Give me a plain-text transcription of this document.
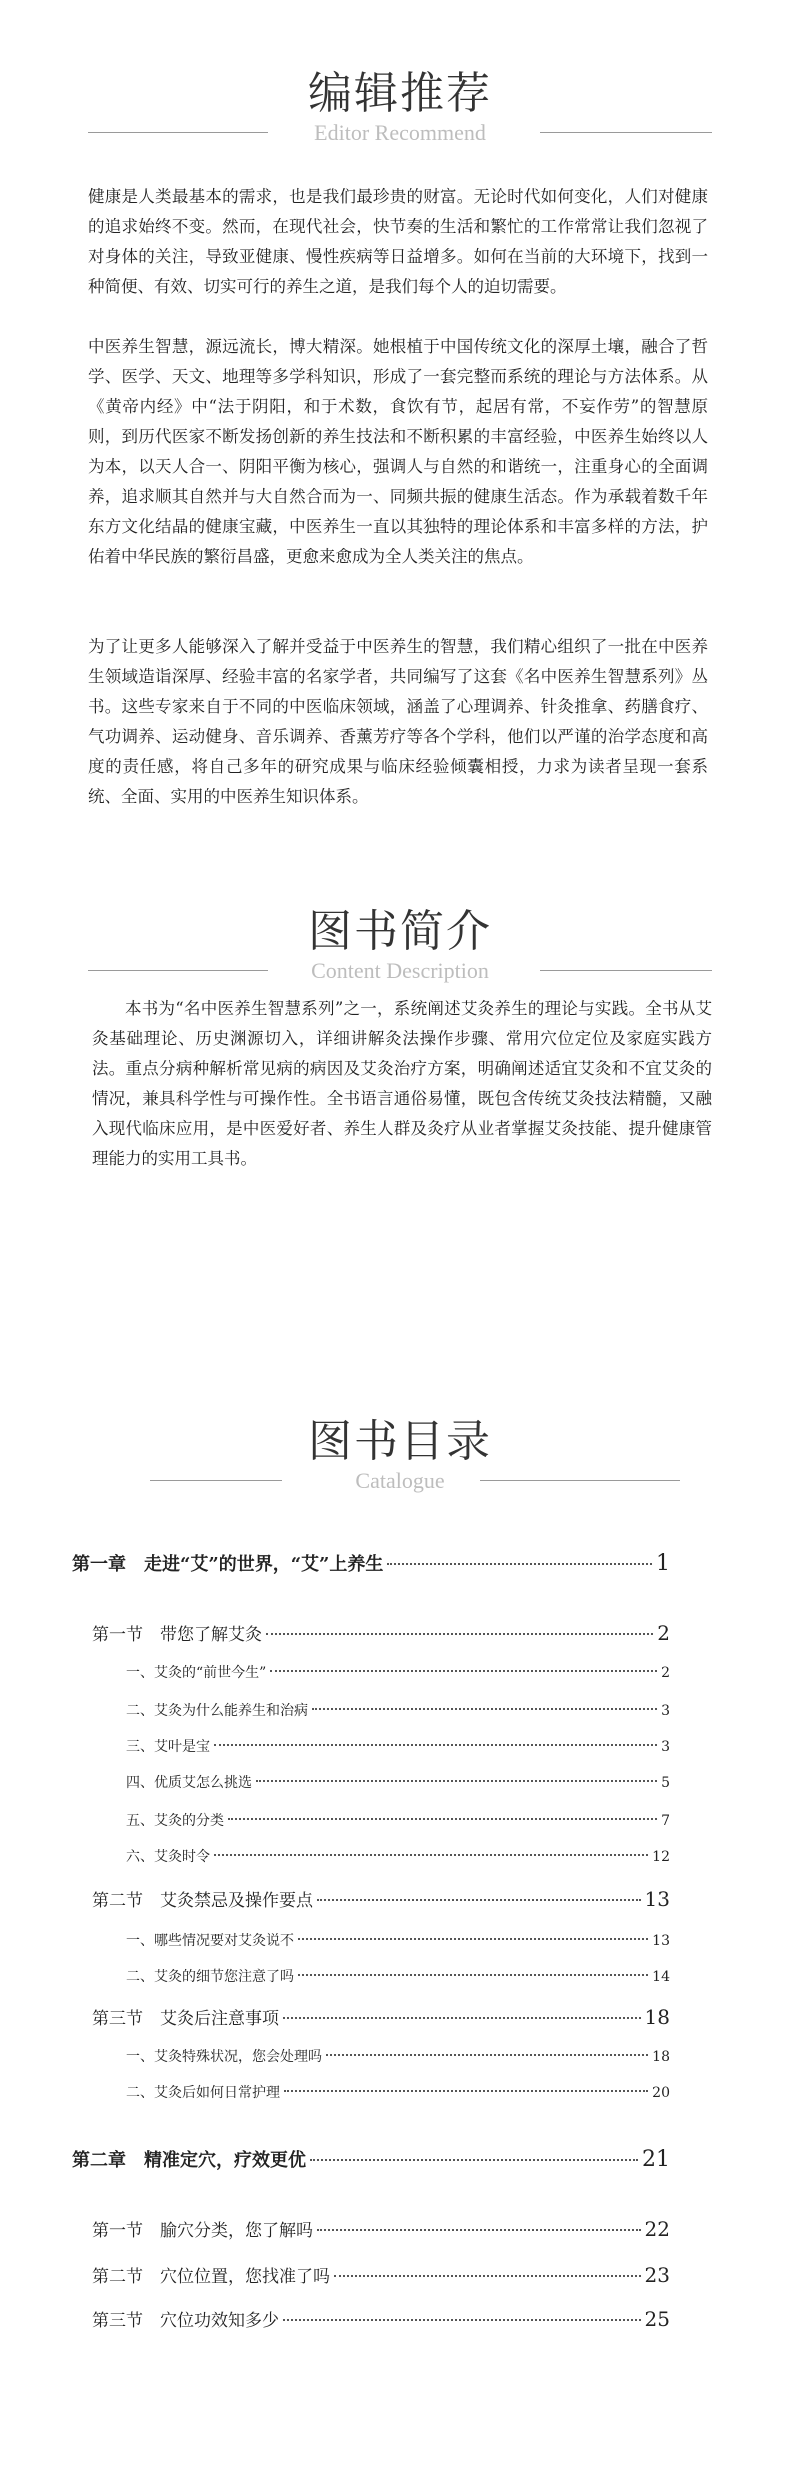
编辑推荐
Editor Recommend

健康是人类最基本的需求，也是我们最珍贵的财富。无论时代如何变化，人们对健康的追求始终不变。然而，在现代社会，快节奏的生活和繁忙的工作常常让我们忽视了对身体的关注，导致亚健康、慢性疾病等日益增多。如何在当前的大环境下，找到一种简便、有效、切实可行的养生之道，是我们每个人的迫切需要。

中医养生智慧，源远流长，博大精深。她根植于中国传统文化的深厚土壤，融合了哲学、医学、天文、地理等多学科知识，形成了一套完整而系统的理论与方法体系。从《黄帝内经》中“法于阴阳，和于术数，食饮有节，起居有常，不妄作劳”的智慧原则，到历代医家不断发扬创新的养生技法和不断积累的丰富经验，中医养生始终以人为本，以天人合一、阴阳平衡为核心，强调人与自然的和谐统一，注重身心的全面调养，追求顺其自然并与大自然合而为一、同频共振的健康生活态。作为承载着数千年东方文化结晶的健康宝藏，中医养生一直以其独特的理论体系和丰富多样的方法，护佑着中华民族的繁衍昌盛，更愈来愈成为全人类关注的焦点。

为了让更多人能够深入了解并受益于中医养生的智慧，我们精心组织了一批在中医养生领域造诣深厚、经验丰富的名家学者，共同编写了这套《名中医养生智慧系列》丛书。这些专家来自于不同的中医临床领域，涵盖了心理调养、针灸推拿、药膳食疗、气功调养、运动健身、音乐调养、香薰芳疗等各个学科，他们以严谨的治学态度和高度的责任感，将自己多年的研究成果与临床经验倾囊相授，力求为读者呈现一套系统、全面、实用的中医养生知识体系。

图书简介
Content Description

本书为“名中医养生智慧系列”之一，系统阐述艾灸养生的理论与实践。全书从艾灸基础理论、历史渊源切入，详细讲解灸法操作步骤、常用穴位定位及家庭实践方法。重点分病种解析常见病的病因及艾灸治疗方案，明确阐述适宜艾灸和不宜艾灸的情况，兼具科学性与可操作性。全书语言通俗易懂，既包含传统艾灸技法精髓，又融入现代临床应用，是中医爱好者、养生人群及灸疗从业者掌握艾灸技能、提升健康管理能力的实用工具书。

图书目录
Catalogue
第一章　走进“艾”的世界，“艾”上养生	1
第一节　带您了解艾灸	2
一、艾灸的“前世今生”	2
二、艾灸为什么能养生和治病	3
三、艾叶是宝	3
四、优质艾怎么挑选	5
五、艾灸的分类	7
六、艾灸时令	12
第二节　艾灸禁忌及操作要点	13
一、哪些情况要对艾灸说不	13
二、艾灸的细节您注意了吗	14
第三节　艾灸后注意事项	18
一、艾灸特殊状况，您会处理吗	18
二、艾灸后如何日常护理	20
第二章　精准定穴，疗效更优	21
第一节　腧穴分类，您了解吗	22
第二节　穴位位置，您找准了吗	23
第三节　穴位功效知多少	25
